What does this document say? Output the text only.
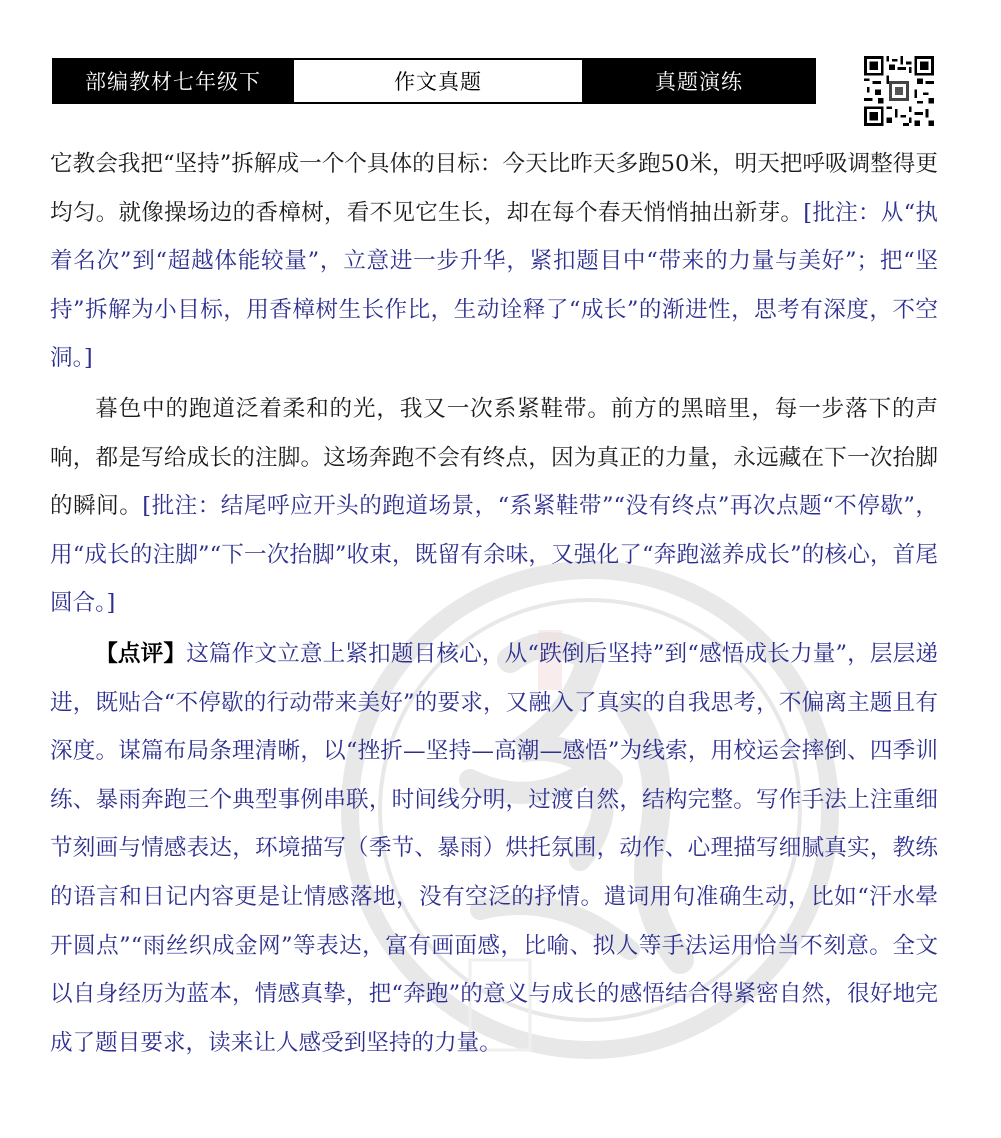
部编教材七年级下	作文真题	真题演练

它教会我把“坚持”拆解成一个个具体的目标：今天比昨天多跑50米，明天把呼吸调整得更均匀。就像操场边的香樟树，看不见它生长，却在每个春天悄悄抽出新芽。[批注：从“执着名次”到“超越体能较量”，立意进一步升华，紧扣题目中“带来的力量与美好”；把“坚持”拆解为小目标，用香樟树生长作比，生动诠释了“成长”的渐进性，思考有深度，不空洞。]

暮色中的跑道泛着柔和的光，我又一次系紧鞋带。前方的黑暗里，每一步落下的声响，都是写给成长的注脚。这场奔跑不会有终点，因为真正的力量，永远藏在下一次抬脚的瞬间。[批注：结尾呼应开头的跑道场景，“系紧鞋带”“没有终点”再次点题“不停歇”，用“成长的注脚”“下一次抬脚”收束，既留有余味，又强化了“奔跑滋养成长”的核心，首尾圆合。]

【点评】这篇作文立意上紧扣题目核心，从“跌倒后坚持”到“感悟成长力量”，层层递进，既贴合“不停歇的行动带来美好”的要求，又融入了真实的自我思考，不偏离主题且有深度。谋篇布局条理清晰，以“挫折—坚持—高潮—感悟”为线索，用校运会摔倒、四季训练、暴雨奔跑三个典型事例串联，时间线分明，过渡自然，结构完整。写作手法上注重细节刻画与情感表达，环境描写（季节、暴雨）烘托氛围，动作、心理描写细腻真实，教练的语言和日记内容更是让情感落地，没有空泛的抒情。遣词用句准确生动，比如“汗水晕开圆点”“雨丝织成金网”等表达，富有画面感，比喻、拟人等手法运用恰当不刻意。全文以自身经历为蓝本，情感真挚，把“奔跑”的意义与成长的感悟结合得紧密自然，很好地完成了题目要求，读来让人感受到坚持的力量。
